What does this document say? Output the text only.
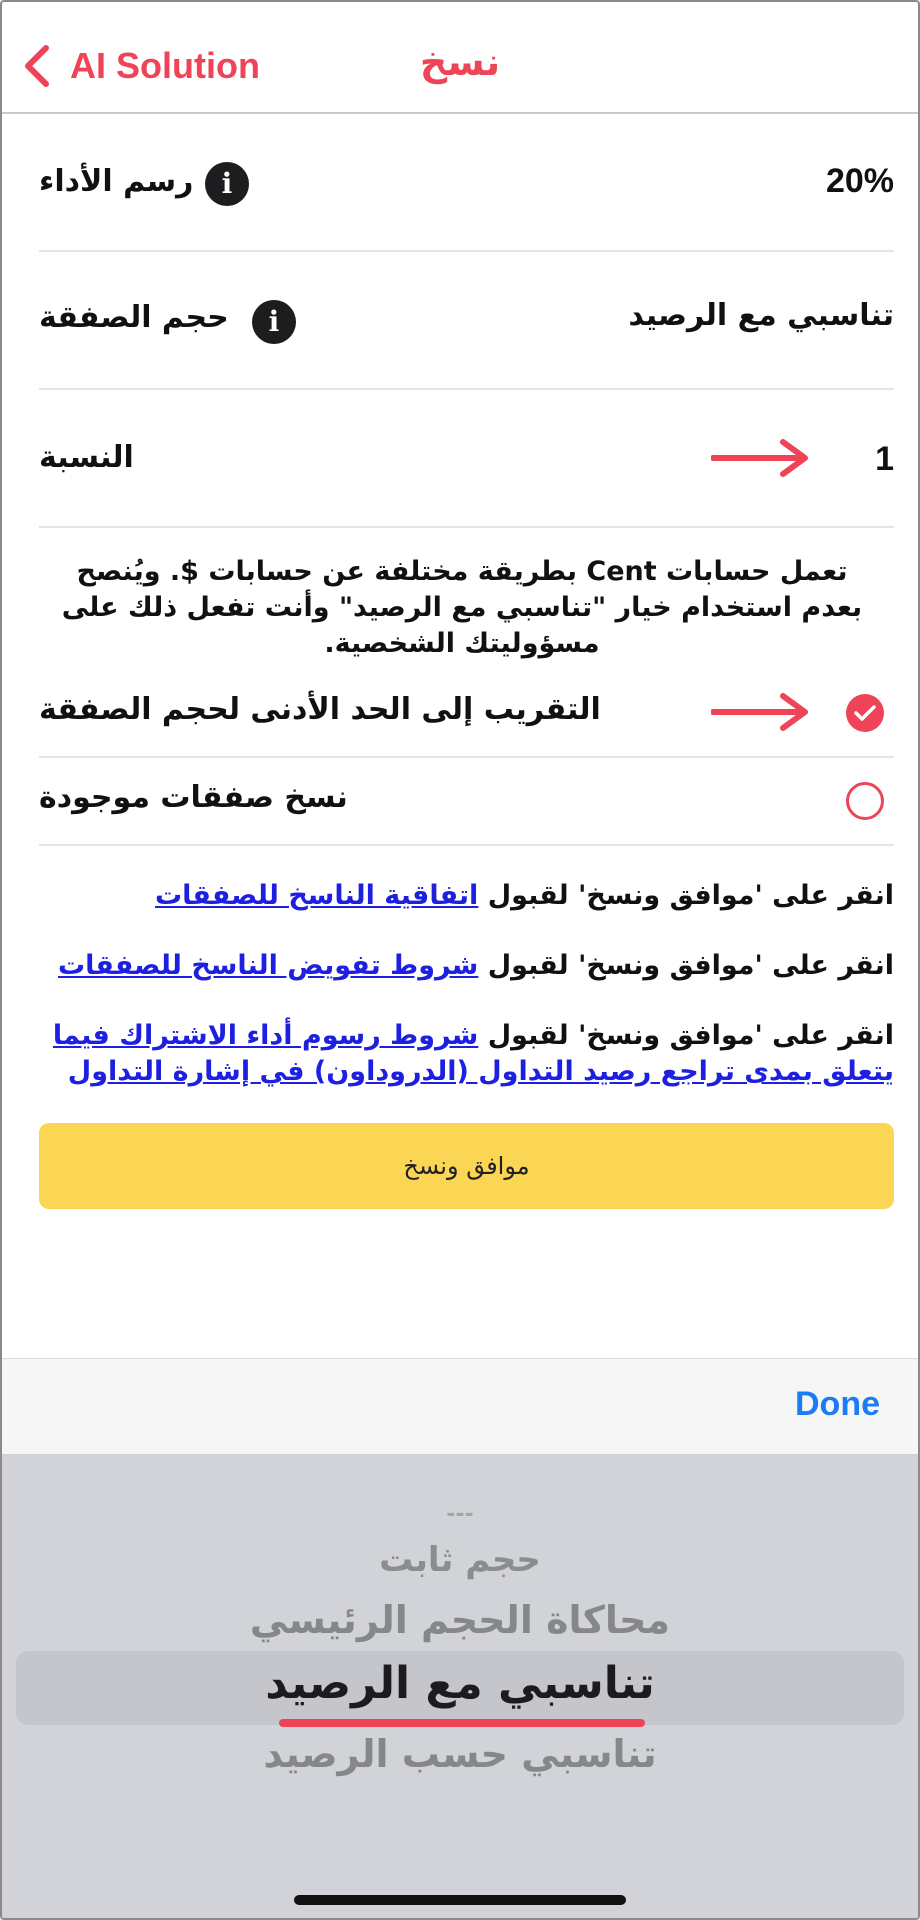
AI Solution	نسخ
20%
i
رسم الأداء
تناسبي مع الرصيد
i
حجم الصفقة
1
النسبة
تعمل حسابات Cent بطريقة مختلفة عن حسابات $. ويُنصح
بعدم استخدام خيار "تناسبي مع الرصيد" وأنت تفعل ذلك على
مسؤوليتك الشخصية.
التقريب إلى الحد الأدنى لحجم الصفقة
نسخ صفقات موجودة
انقر على 'موافق ونسخ' لقبول اتفاقية الناسخ للصفقات
انقر على 'موافق ونسخ' لقبول شروط تفويض الناسخ للصفقات
انقر على 'موافق ونسخ' لقبول شروط رسوم أداء الاشتراك فيما يتعلق بمدى تراجع رصيد التداول (الدروداون) في إشارة التداول
موافق ونسخ
Done
---
حجم ثابت
محاكاة الحجم الرئيسي
تناسبي مع الرصيد
تناسبي حسب الرصيد
